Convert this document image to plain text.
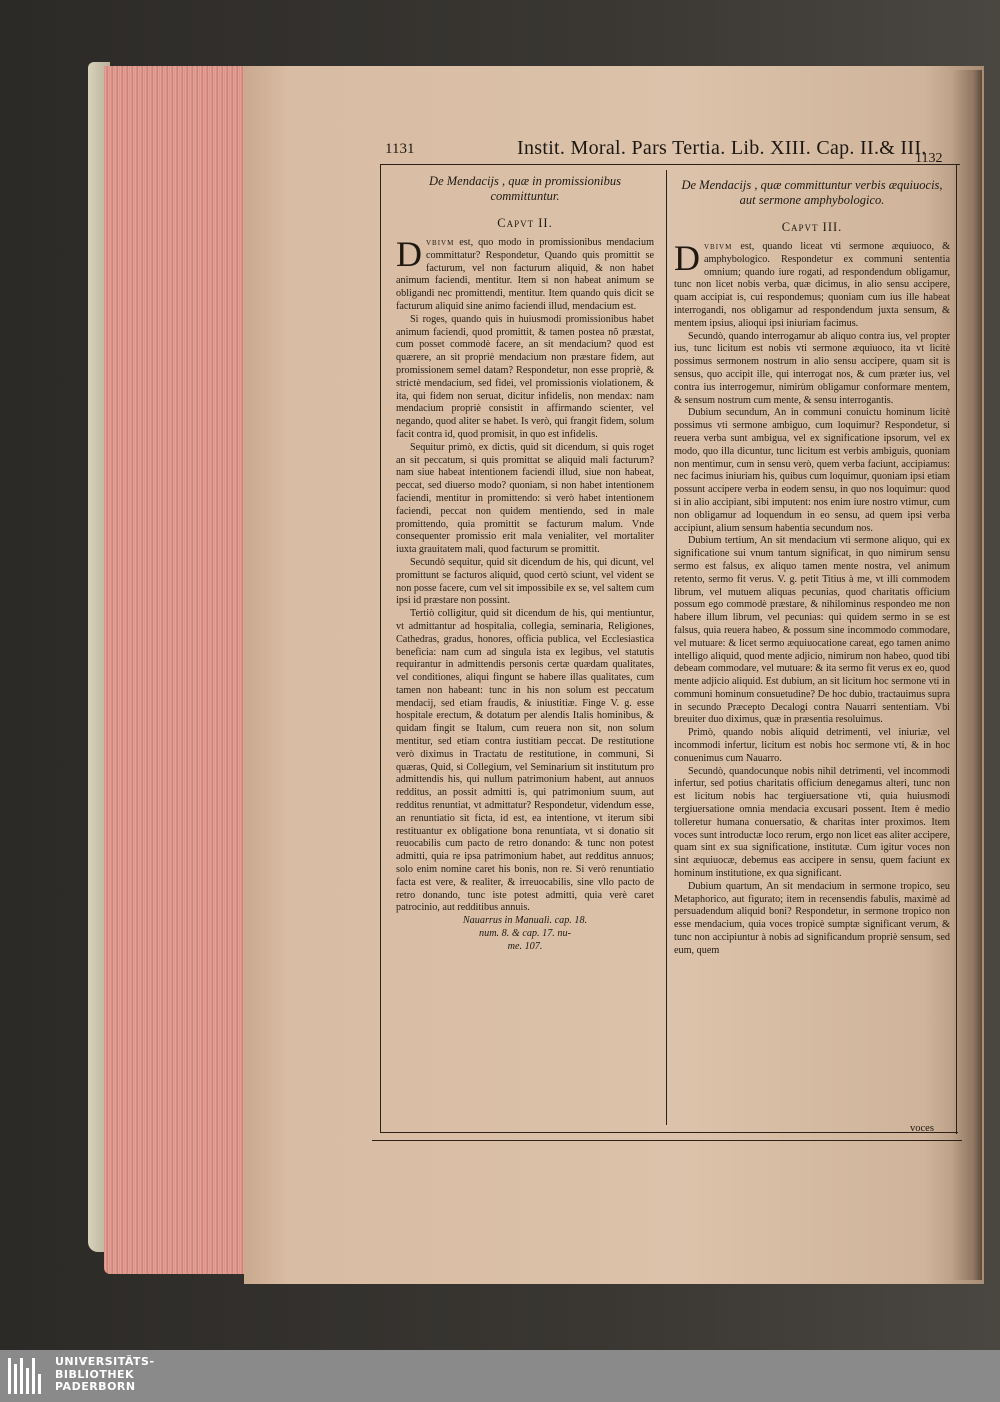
1131	Instit. Moral. Pars Tertia. Lib. XIII. Cap. II.& III.
1132
De Mendacijs , quæ in promissionibus committuntur.
Capvt II.

D vbivm est, quo modo in promissionibus mendacium committatur? Respondetur, Quando quis promittit se facturum, vel non facturum aliquid, & non habet animum faciendi, mentitur. Item si non habeat animum se obligandi nec promittendi, mentitur. Item quando quis dicit se facturum aliquid sine animo faciendi illud, mendacium est.

Si roges, quando quis in huiusmodi promissionibus habet animum faciendi, quod promittit, & tamen postea nõ præstat, cum posset commodè facere, an sit mendacium? quod est quærere, an sit propriè mendacium non præstare fidem, aut promissionem semel datam? Respondetur, non esse propriè, & strictè mendacium, sed fidei, vel promissionis violationem, & ita, qui fidem non seruat, dicitur infidelis, non mendax: nam mendacium propriè consistit in affirmando scienter, vel negando, quod aliter se habet. Is verò, qui frangit fidem, solum facit contra id, quod promisit, in quo est infidelis.

Sequitur primò, ex dictis, quid sit dicendum, si quis roget an sit peccatum, si quis promittat se aliquid mali facturum? nam siue habeat intentionem faciendi illud, siue non habeat, peccat, sed diuerso modo? quoniam, si non habet intentionem faciendi, mentitur in promittendo: si verò habet intentionem faciendi, peccat non quidem mentiendo, sed in male promittendo, quia promittit se facturum malum. Vnde consequenter promissio erit mala venialiter, vel mortaliter iuxta grauitatem mali, quod facturum se promittit.

Secundò sequitur, quid sit dicendum de his, qui dicunt, vel promittunt se facturos aliquid, quod certò sciunt, vel vident se non posse facere, cum vel sit impossibile ex se, vel saltem cum ipsi id præstare non possint.

Tertiò colligitur, quid sit dicendum de his, qui mentiuntur, vt admittantur ad hospitalia, collegia, seminaria, Religiones, Cathedras, gradus, honores, officia publica, vel Ecclesiastica beneficia: nam cum ad singula ista ex legibus, vel statutis requirantur in admittendis personis certæ quædam qualitates, vel conditiones, aliqui fingunt se habere illas qualitates, cum tamen non habeant: tunc in his non solum est peccatum mendacij, sed etiam fraudis, & iniustitiæ. Finge V. g. esse hospitale erectum, & dotatum per alendis Italis hominibus, & quidam fingit se Italum, cum reuera non sit, non solum mentitur, sed etiam contra iustitiam peccat. De restitutione verò diximus in Tractatu de restitutione, in communi, Si quæras, Quid, si Collegium, vel Seminarium sit institutum pro admittendis his, qui nullum patrimonium habent, aut annuos redditus, an possit admitti is, qui patrimonium suum, aut redditus renuntiat, vt admittatur? Respondetur, videndum esse, an renuntiatio sit ficta, id est, ea intentione, vt iterum sibi restituantur ex obligatione bona renuntiata, vt si donatio sit reuocabilis cum pacto de retro donando: & tunc non potest admitti, quia re ipsa patrimonium habet, aut redditus annuos; solo enim nomine caret his bonis, non re. Si verò renuntiatio facta est vere, & realiter, & irreuocabilis, sine vllo pacto de retro donando, tunc iste potest admitti, quia verè caret patrocinio, aut redditibus annuis.

Nauarrus in Manuali. cap. 18.
num. 8. & cap. 17. nu-
me. 107.
De Mendacijs , quæ committuntur verbis æquiuocis, aut sermone amphybologico.
Capvt III.

D vbivm est, quando liceat vti sermone æquiuoco, & amphybologico. Respondetur ex communi sententia omnium; quando iure rogati, ad respondendum obligamur, tunc non licet nobis verba, quæ dicimus, in alio sensu accipere, quam accipiat is, cui respondemus; quoniam cum ius ille habeat interrogandi, nos obligamur ad respondendum juxta sensum, & mentem ipsius, alioqui ipsi iniuriam facimus.

Secundò, quando interrogamur ab aliquo contra ius, vel propter ius, tunc licitum est nobis vti sermone æquiuoco, ita vt licitè possimus sermonem nostrum in alio sensu accipere, quam sit is sensus, quo accipit ille, qui interrogat nos, & cum præter ius, vel contra ius interrogemur, nimirùm obligamur conformare mentem, & sensum nostrum cum mente, & sensu interrogantis.

Dubium secundum, An in communi conuictu hominum licitè possimus vti sermone ambiguo, cum loquimur? Respondetur, si reuera verba sunt ambigua, vel ex significatione ipsorum, vel ex modo, quo illa dicuntur, tunc licitum est verbis ambiguis, quoniam non mentimur, cum in sensu verò, quem verba faciunt, accipiamus: nec facimus iniuriam his, quibus cum loquimur, quoniam ipsi etiam possunt accipere verba in eodem sensu, in quo nos loquimur: quod si in alio accipiant, sibi imputent: nos enim iure nostro vtimur, cum non obligamur ad loquendum in eo sensu, ad quem ipsi verba accipiunt, alium sensum habentia secundum nos.

Dubium tertium, An sit mendacium vti sermone aliquo, qui ex significatione sui vnum tantum significat, in quo nimirum sensu sermo est falsus, ex aliquo tamen mente nostra, vel animum retento, sermo fit verus. V. g. petit Titius à me, vt illi commodem librum, vel mutuem aliquas pecunias, quod charitatis officium possum ego commodè præstare, & nihilominus respondeo me non habere illum librum, vel pecunias: qui quidem sermo in se est falsus, quia reuera habeo, & possum sine incommodo commodare, vel mutuare: & licet sermo æquiuocatione careat, ego tamen animo intelligo aliquid, quod mente adjicio, nimirum non habeo, quod tibi debeam commodare, vel mutuare: & ita sermo fit verus ex eo, quod mente adjicio aliquid. Est dubium, an sit licitum hoc sermone vti in communi hominum consuetudine? De hoc dubio, tractauimus supra in secundo Præcepto Decalogi contra Nauarri sententiam. Vbi breuiter duo diximus, quæ in præsentia resoluimus.

Primò, quando nobis aliquid detrimenti, vel iniuriæ, vel incommodi infertur, licitum est nobis hoc sermone vti, & in hoc conuenimus cum Nauarro.

Secundò, quandocunque nobis nihil detrimenti, vel incommodi infertur, sed potius charitatis officium denegamus alteri, tunc non est licitum nobis hac tergiuersatione vti, quia huiusmodi tergiuersatione omnia mendacia excusari possent. Item è medio tolleretur humana conuersatio, & charitas inter proximos. Item voces sunt introductæ loco rerum, ergo non licet eas aliter accipere, quam sint ex sua significatione, institutæ. Cum igitur voces non sint æquiuocæ, debemus eas accipere in sensu, quem faciunt ex hominum institutione, ex qua significant.

Dubium quartum, An sit mendacium in sermone tropico, seu Metaphorico, aut figurato; item in recensendis fabulis, maximè ad persuadendum aliquid boni? Respondetur, in sermone tropico non esse mendacium, quia voces tropicè sumptæ significant verum, & tunc non accipiuntur à nobis ad significandum propriè sensum, sed eum, quem

voces
UNIVERSITÄTS-
BIBLIOTHEK
PADERBORN
